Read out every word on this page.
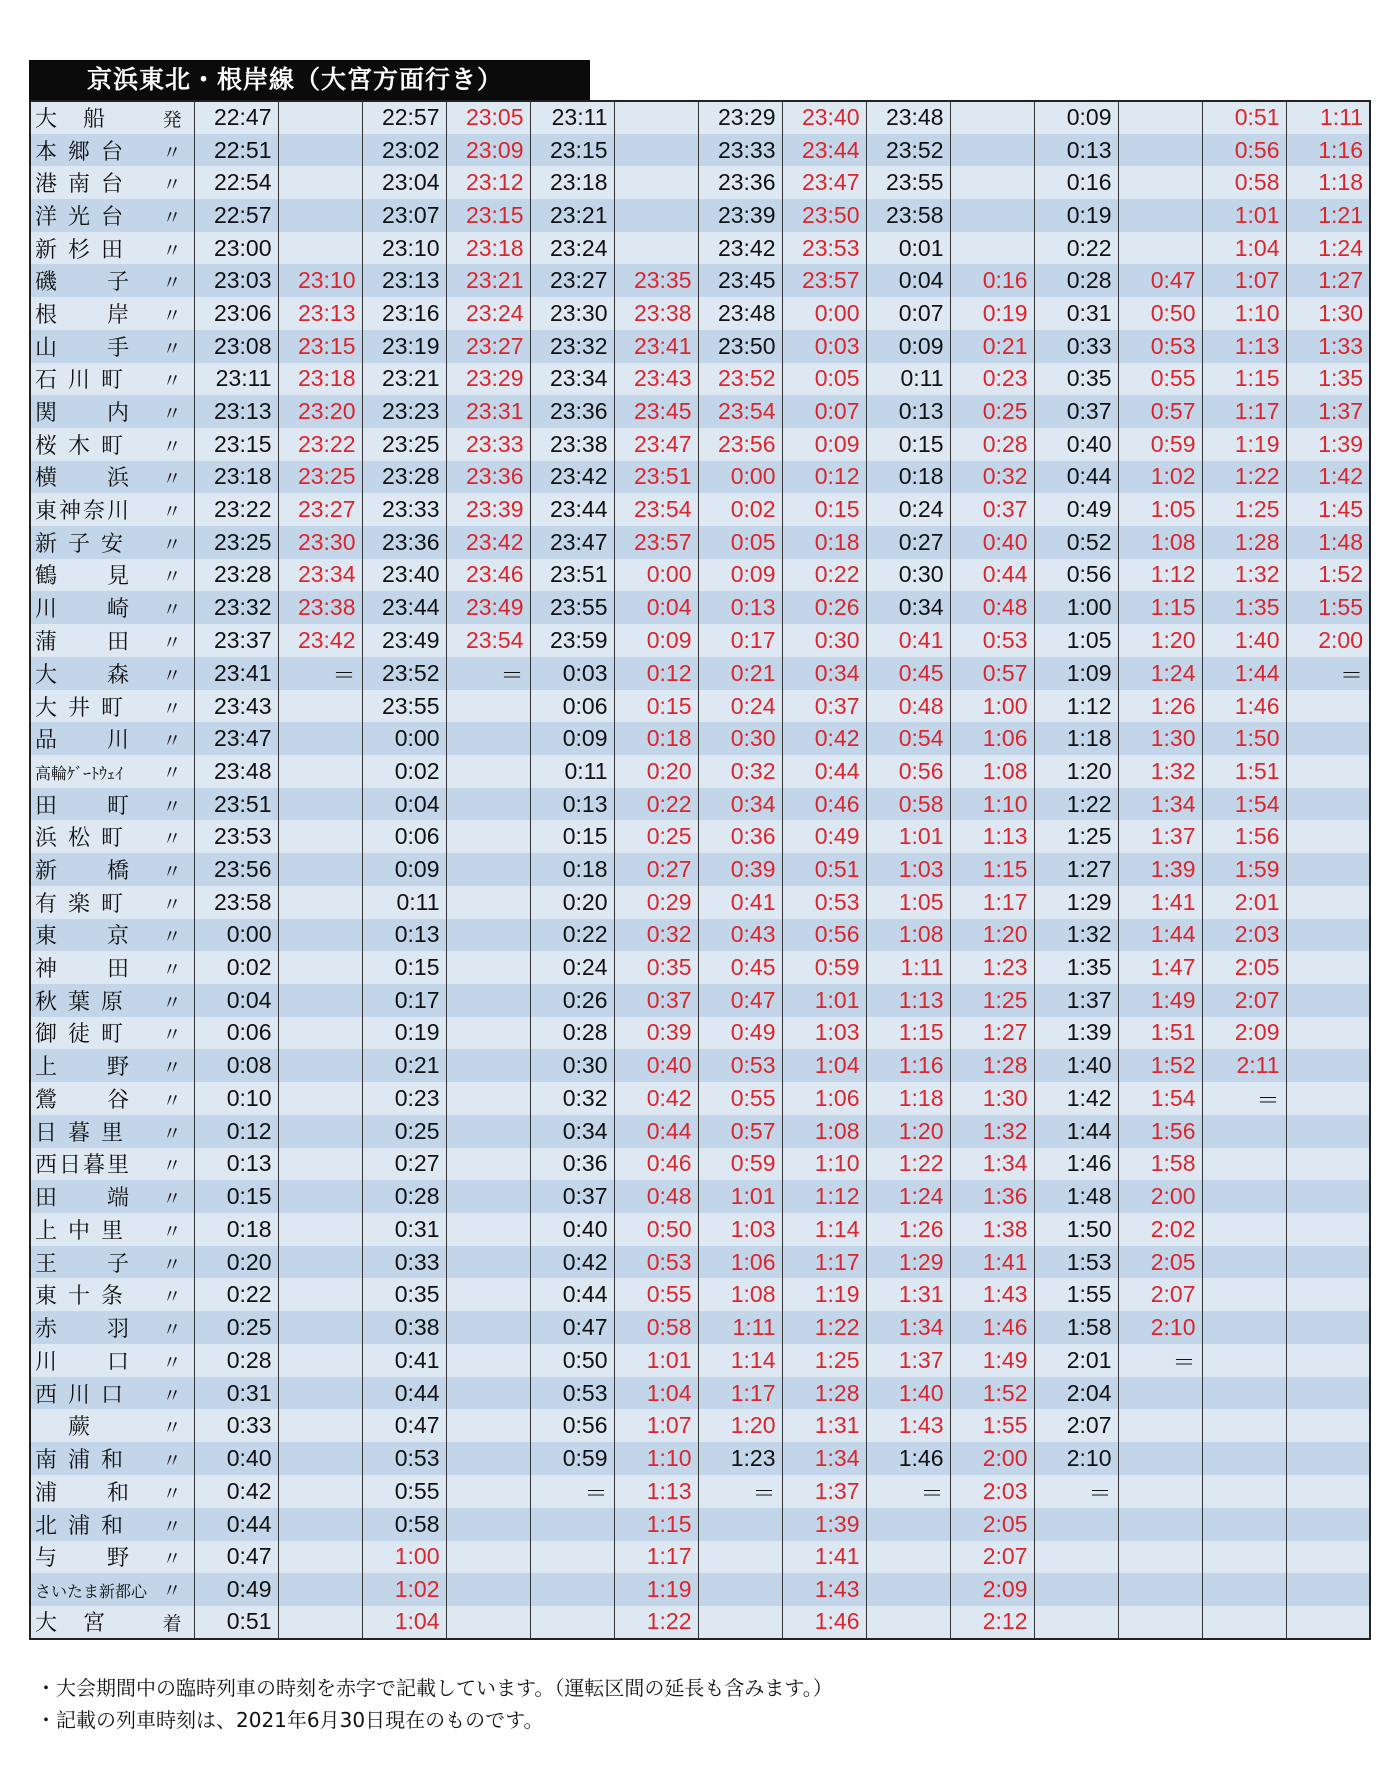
京浜東北・根岸線（大宮方面行き）
大　船 発	22:47		22:57	23:05	23:11		23:29	23:40	23:48		0:09		0:51	1:11
本 郷 台 〃	22:51		23:02	23:09	23:15		23:33	23:44	23:52		0:13		0:56	1:16
港 南 台 〃	22:54		23:04	23:12	23:18		23:36	23:47	23:55		0:16		0:58	1:18
洋 光 台 〃	22:57		23:07	23:15	23:21		23:39	23:50	23:58		0:19		1:01	1:21
新 杉 田 〃	23:00		23:10	23:18	23:24		23:42	23:53	0:01		0:22		1:04	1:24
磯　　子 〃	23:03	23:10	23:13	23:21	23:27	23:35	23:45	23:57	0:04	0:16	0:28	0:47	1:07	1:27
根　　岸 〃	23:06	23:13	23:16	23:24	23:30	23:38	23:48	0:00	0:07	0:19	0:31	0:50	1:10	1:30
山　　手 〃	23:08	23:15	23:19	23:27	23:32	23:41	23:50	0:03	0:09	0:21	0:33	0:53	1:13	1:33
石 川 町 〃	23:11	23:18	23:21	23:29	23:34	23:43	23:52	0:05	0:11	0:23	0:35	0:55	1:15	1:35
関　　内 〃	23:13	23:20	23:23	23:31	23:36	23:45	23:54	0:07	0:13	0:25	0:37	0:57	1:17	1:37
桜 木 町 〃	23:15	23:22	23:25	23:33	23:38	23:47	23:56	0:09	0:15	0:28	0:40	0:59	1:19	1:39
横　　浜 〃	23:18	23:25	23:28	23:36	23:42	23:51	0:00	0:12	0:18	0:32	0:44	1:02	1:22	1:42
東神奈川 〃	23:22	23:27	23:33	23:39	23:44	23:54	0:02	0:15	0:24	0:37	0:49	1:05	1:25	1:45
新 子 安 〃	23:25	23:30	23:36	23:42	23:47	23:57	0:05	0:18	0:27	0:40	0:52	1:08	1:28	1:48
鶴　　見 〃	23:28	23:34	23:40	23:46	23:51	0:00	0:09	0:22	0:30	0:44	0:56	1:12	1:32	1:52
川　　崎 〃	23:32	23:38	23:44	23:49	23:55	0:04	0:13	0:26	0:34	0:48	1:00	1:15	1:35	1:55
蒲　　田 〃	23:37	23:42	23:49	23:54	23:59	0:09	0:17	0:30	0:41	0:53	1:05	1:20	1:40	2:00
大　　森 〃	23:41	＝	23:52	＝	0:03	0:12	0:21	0:34	0:45	0:57	1:09	1:24	1:44	＝
大 井 町 〃	23:43		23:55		0:06	0:15	0:24	0:37	0:48	1:00	1:12	1:26	1:46	
品　　川 〃	23:47		0:00		0:09	0:18	0:30	0:42	0:54	1:06	1:18	1:30	1:50	
高輪ｹﾞｰﾄｳｪｲ 〃	23:48		0:02		0:11	0:20	0:32	0:44	0:56	1:08	1:20	1:32	1:51	
田　　町 〃	23:51		0:04		0:13	0:22	0:34	0:46	0:58	1:10	1:22	1:34	1:54	
浜 松 町 〃	23:53		0:06		0:15	0:25	0:36	0:49	1:01	1:13	1:25	1:37	1:56	
新　　橋 〃	23:56		0:09		0:18	0:27	0:39	0:51	1:03	1:15	1:27	1:39	1:59	
有 楽 町 〃	23:58		0:11		0:20	0:29	0:41	0:53	1:05	1:17	1:29	1:41	2:01	
東　　京 〃	0:00		0:13		0:22	0:32	0:43	0:56	1:08	1:20	1:32	1:44	2:03	
神　　田 〃	0:02		0:15		0:24	0:35	0:45	0:59	1:11	1:23	1:35	1:47	2:05	
秋 葉 原 〃	0:04		0:17		0:26	0:37	0:47	1:01	1:13	1:25	1:37	1:49	2:07	
御 徒 町 〃	0:06		0:19		0:28	0:39	0:49	1:03	1:15	1:27	1:39	1:51	2:09	
上　　野 〃	0:08		0:21		0:30	0:40	0:53	1:04	1:16	1:28	1:40	1:52	2:11	
鶯　　谷 〃	0:10		0:23		0:32	0:42	0:55	1:06	1:18	1:30	1:42	1:54	＝	
日 暮 里 〃	0:12		0:25		0:34	0:44	0:57	1:08	1:20	1:32	1:44	1:56		
西日暮里 〃	0:13		0:27		0:36	0:46	0:59	1:10	1:22	1:34	1:46	1:58		
田　　端 〃	0:15		0:28		0:37	0:48	1:01	1:12	1:24	1:36	1:48	2:00		
上 中 里 〃	0:18		0:31		0:40	0:50	1:03	1:14	1:26	1:38	1:50	2:02		
王　　子 〃	0:20		0:33		0:42	0:53	1:06	1:17	1:29	1:41	1:53	2:05		
東 十 条 〃	0:22		0:35		0:44	0:55	1:08	1:19	1:31	1:43	1:55	2:07		
赤　　羽 〃	0:25		0:38		0:47	0:58	1:11	1:22	1:34	1:46	1:58	2:10		
川　　口 〃	0:28		0:41		0:50	1:01	1:14	1:25	1:37	1:49	2:01	＝		
西 川 口 〃	0:31		0:44		0:53	1:04	1:17	1:28	1:40	1:52	2:04			
　 蕨 〃	0:33		0:47		0:56	1:07	1:20	1:31	1:43	1:55	2:07			
南 浦 和 〃	0:40		0:53		0:59	1:10	1:23	1:34	1:46	2:00	2:10			
浦　　和 〃	0:42		0:55		＝	1:13	＝	1:37	＝	2:03	＝			
北 浦 和 〃	0:44		0:58			1:15		1:39		2:05				
与　　野 〃	0:47		1:00			1:17		1:41		2:07				
さいたま新都心 〃	0:49		1:02			1:19		1:43		2:09				
大　宮 着	0:51		1:04			1:22		1:46		2:12				
・大会期間中の臨時列車の時刻を赤字で記載しています。（運転区間の延長も含みます。）
・記載の列車時刻は、2021年6月30日現在のものです。
